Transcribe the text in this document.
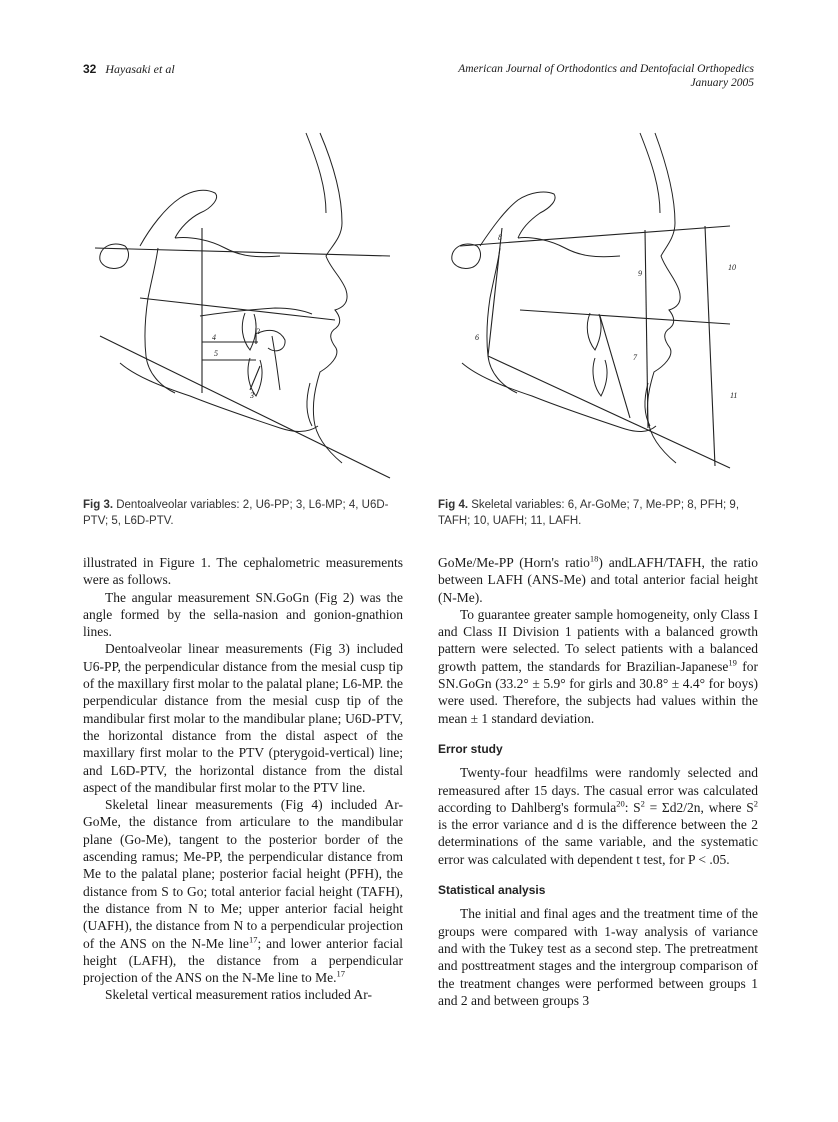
32 Hayasaki et al	American Journal of Orthodontics and Dentofacial Orthopedics
January 2005
2
3
4
5
6
7
8
9
10
11
Fig 3. Dentoalveolar variables: 2, U6-PP; 3, L6-MP; 4, U6D-PTV; 5, L6D-PTV.
Fig 4. Skeletal variables: 6, Ar-GoMe; 7, Me-PP; 8, PFH; 9, TAFH; 10, UAFH; 11, LAFH.

illustrated in Figure 1. The cephalometric measurements were as follows.

The angular measurement SN.GoGn (Fig 2) was the angle formed by the sella-nasion and gonion-gnathion lines.

Dentoalveolar linear measurements (Fig 3) included U6-PP, the perpendicular distance from the mesial cusp tip of the maxillary first molar to the palatal plane; L6-MP. the perpendicular distance from the mesial cusp tip of the mandibular first molar to the mandibular plane; U6D-PTV, the horizontal distance from the distal aspect of the maxillary first molar to the PTV (pterygoid-vertical) line; and L6D-PTV, the horizontal distance from the distal aspect of the mandibular first molar to the PTV line.

Skeletal linear measurements (Fig 4) included Ar-GoMe, the distance from articulare to the mandibular plane (Go-Me), tangent to the posterior border of the ascending ramus; Me-PP, the perpendicular distance from Me to the palatal plane; posterior facial height (PFH), the distance from S to Go; total anterior facial height (TAFH), the distance from N to Me; upper anterior facial height (UAFH), the distance from N to a perpendicular projection of the ANS on the N-Me line$^{17}$; and lower anterior facial height (LAFH), the distance from a perpendicular projection of the ANS on the N-Me line to Me.$^{17}$

Skeletal vertical measurement ratios included Ar-

GoMe/Me-PP (Horn's ratio$^{18}$) andLAFH/TAFH, the ratio between LAFH (ANS-Me) and total anterior facial height (N-Me).

To guarantee greater sample homogeneity, only Class I and Class II Division 1 patients with a balanced growth pattern were selected. To select patients with a balanced growth pattem, the standards for Brazilian-Japanese$^{19}$ for SN.GoGn (33.2° ± 5.9° for girls and 30.8° ± 4.4° for boys) were used. Therefore, the subjects had values within the mean ± 1 standard deviation.

Error study

Twenty-four headfilms were randomly selected and remeasured after 15 days. The casual error was calculated according to Dahlberg's formula$^{20}$: $S^2 = \Sigma d2/2n$, where $S^2$ is the error variance and d is the difference between the 2 determinations of the same variable, and the systematic error was calculated with dependent t test, for P < .05.

Statistical analysis

The initial and final ages and the treatment time of the groups were compared with 1-way analysis of variance and with the Tukey test as a second step. The pretreatment and posttreatment stages and the intergroup comparison of the treatment changes were performed between groups 1 and 2 and between groups 3
